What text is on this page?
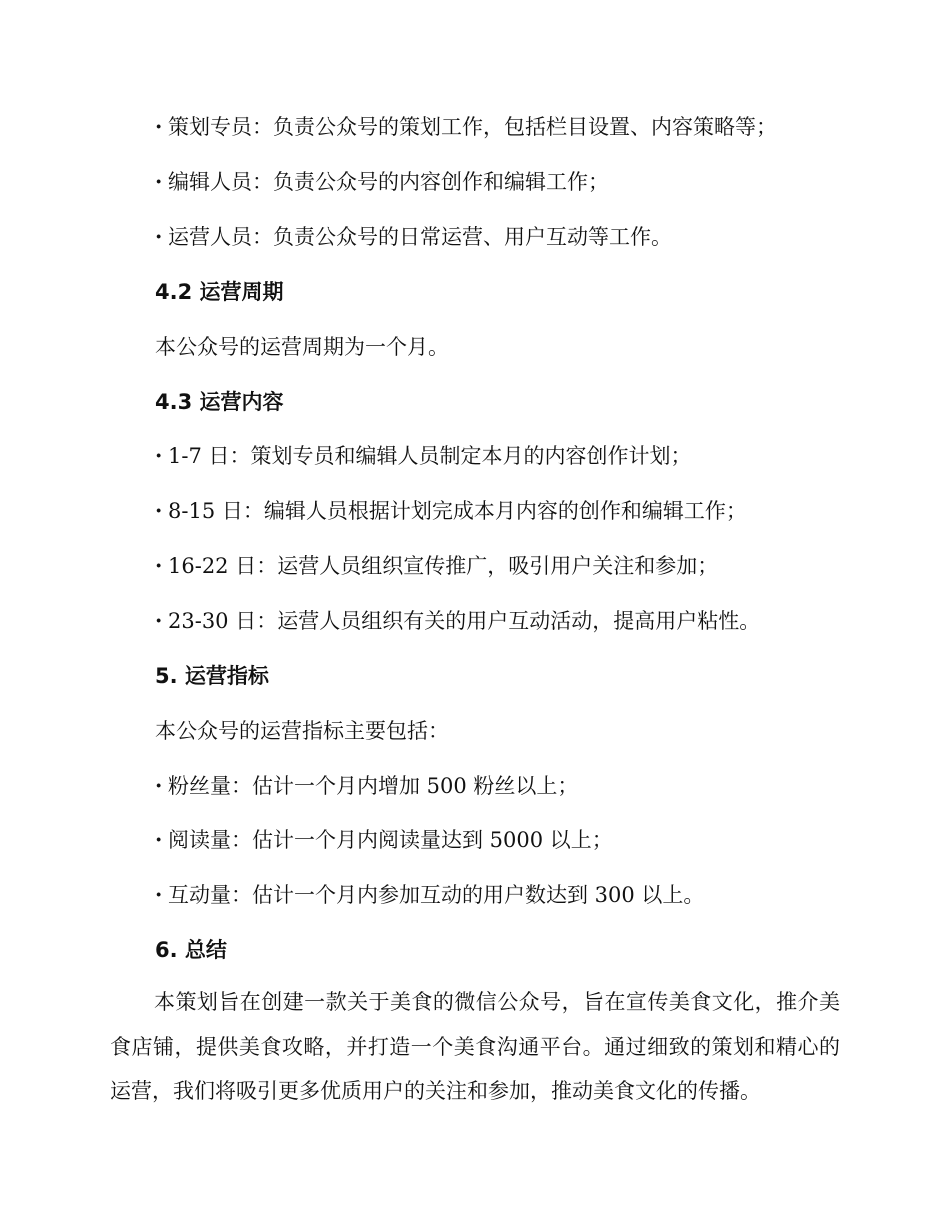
· 策划专员：负责公众号的策划工作，包括栏目设置、内容策略等；
· 编辑人员：负责公众号的内容创作和编辑工作；
· 运营人员：负责公众号的日常运营、用户互动等工作。
4.2 运营周期
本公众号的运营周期为一个月。
4.3 运营内容
· 1-7 日：策划专员和编辑人员制定本月的内容创作计划；
· 8-15 日：编辑人员根据计划完成本月内容的创作和编辑工作；
· 16-22 日：运营人员组织宣传推广，吸引用户关注和参加；
· 23-30 日：运营人员组织有关的用户互动活动，提高用户粘性。
5. 运营指标
本公众号的运营指标主要包括：
· 粉丝量：估计一个月内增加 500 粉丝以上；
· 阅读量：估计一个月内阅读量达到 5000 以上；
· 互动量：估计一个月内参加互动的用户数达到 300 以上。
6. 总结
本策划旨在创建一款关于美食的微信公众号，旨在宣传美食文化，推介美食店铺，提供美食攻略，并打造一个美食沟通平台。通过细致的策划和精心的运营，我们将吸引更多优质用户的关注和参加，推动美食文化的传播。
